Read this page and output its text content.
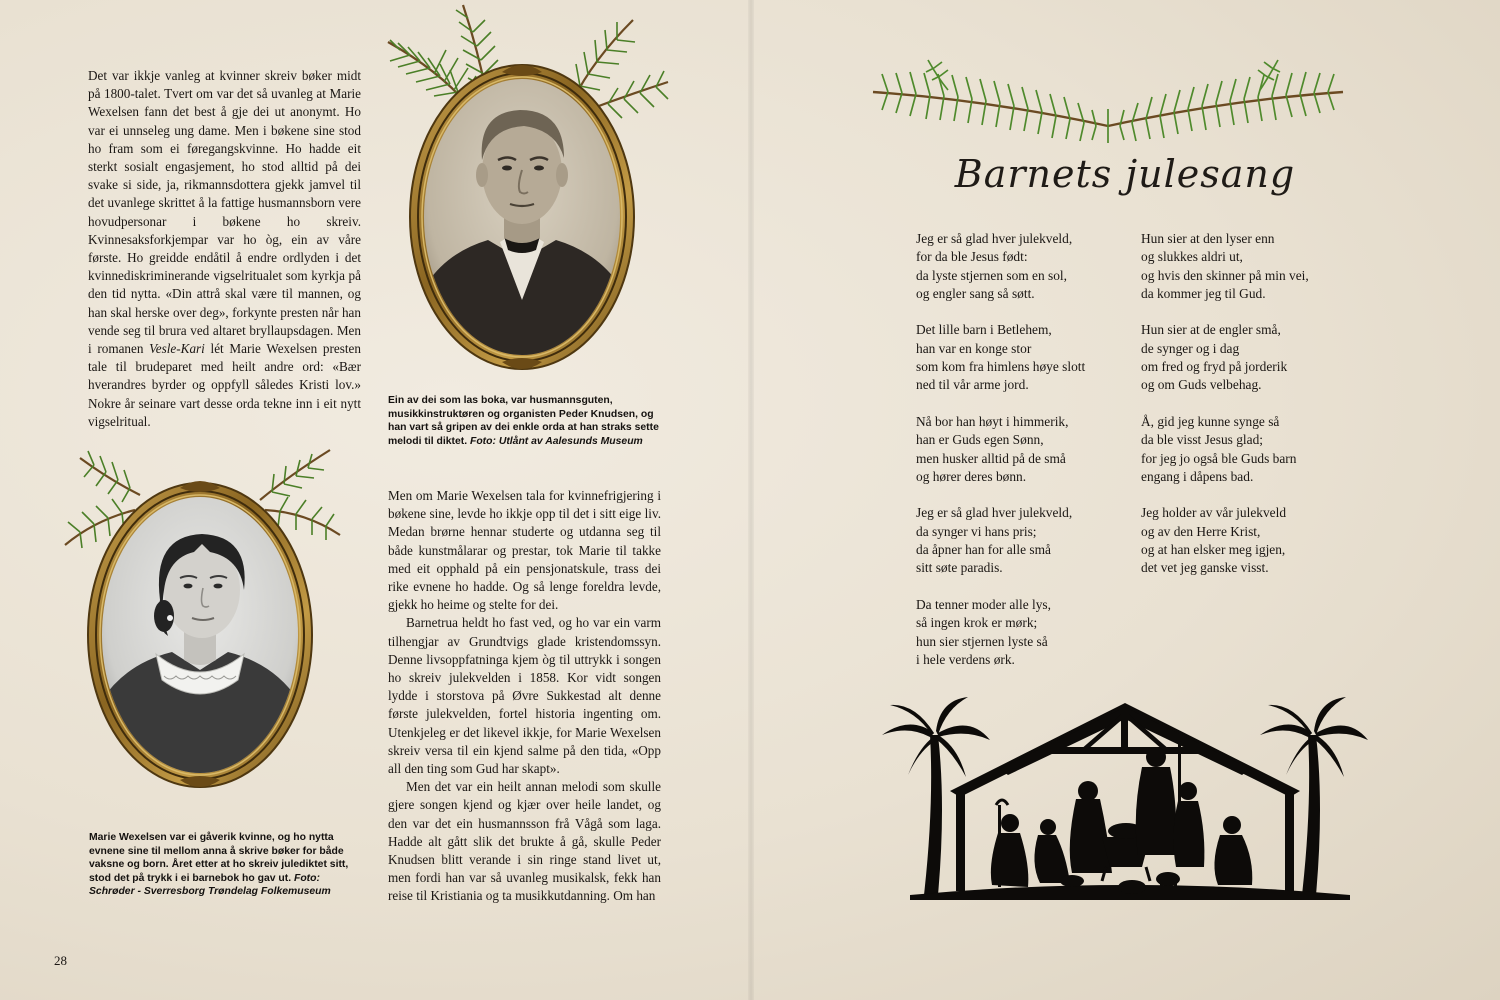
Det var ikkje vanleg at kvinner skreiv bøker midt på 1800-talet. Tvert om var det så uvanleg at Marie Wexelsen fann det best å gje dei ut anonymt. Ho var ei unnseleg ung dame. Men i bøkene sine stod ho fram som ei føregangskvinne. Ho hadde eit sterkt sosialt engasjement, ho stod alltid på dei svake si side, ja, rikmannsdottera gjekk jamvel til det uvanlege skrittet å la fattige husmannsborn vere hovudpersonar i bøkene ho skreiv. Kvinnesaksforkjempar var ho òg, ein av våre første. Ho greidde endåtil å endre ordlyden i det kvinnediskriminerande vigselritualet som kyrkja på den tid nytta. «Din attrå skal være til mannen, og han skal herske over deg», forkynte presten når han vende seg til brura ved altaret bryllaupsdagen. Men i romanen Vesle-Kari lét Marie Wexelsen presten tale til brudeparet med heilt andre ord: «Bær hverandres byrder og oppfyll således Kristi lov.» Nokre år seinare vart desse orda tekne inn i eit nytt vigselritual.

Ein av dei som las boka, var husmannsguten, musikkinstruktøren og organisten Peder Knudsen, og han vart så gripen av dei enkle orda at han straks sette melodi til diktet. Foto: Utlånt av Aalesunds Museum
Marie Wexelsen var ei gåverik kvinne, og ho nytta evnene sine til mellom anna å skrive bøker for både vaksne og born. Året etter at ho skreiv julediktet sitt, stod det på trykk i ei barnebok ho gav ut. Foto: Schrøder - Sverresborg Trøndelag Folkemuseum

Men om Marie Wexelsen tala for kvinnefrigjering i bøkene sine, levde ho ikkje opp til det i sitt eige liv. Medan brørne hennar studerte og utdanna seg til både kunstmålarar og prestar, tok Marie til takke med eit opphald på ein pensjonatskule, trass dei rike evnene ho hadde. Og så lenge foreldra levde, gjekk ho heime og stelte for dei.

Barnetrua heldt ho fast ved, og ho var ein varm tilhengjar av Grundtvigs glade kristendomssyn. Denne livsoppfatninga kjem òg til uttrykk i songen ho skreiv julekvelden i 1858. Kor vidt songen lydde i storstova på Øvre Sukkestad alt denne første julekvelden, fortel historia ingenting om. Utenkjeleg er det likevel ikkje, for Marie Wexelsen skreiv versa til ein kjend salme på den tida, «Opp all den ting som Gud har skapt».

Men det var ein heilt annan melodi som skulle gjere songen kjend og kjær over heile landet, og den var det ein husmannsson frå Vågå som laga. Hadde alt gått slik det brukte å gå, skulle Peder Knudsen blitt verande i sin ringe stand livet ut, men fordi han var så uvanleg musikalsk, fekk han reise til Kristiania og ta musikkutdanning. Om han

28
Barnets julesang
Jeg er så glad hver julekveld,
for da ble Jesus født:
da lyste stjernen som en sol,
og engler sang så søtt.
Det lille barn i Betlehem,
han var en konge stor
som kom fra himlens høye slott
ned til vår arme jord.
Nå bor han høyt i himmerik,
han er Guds egen Sønn,
men husker alltid på de små
og hører deres bønn.
Jeg er så glad hver julekveld,
da synger vi hans pris;
da åpner han for alle små
sitt søte paradis.
Da tenner moder alle lys,
så ingen krok er mørk;
hun sier stjernen lyste så
i hele verdens ørk.
Hun sier at den lyser enn
og slukkes aldri ut,
og hvis den skinner på min vei,
da kommer jeg til Gud.
Hun sier at de engler små,
de synger og i dag
om fred og fryd på jorderik
og om Guds velbehag.
Å, gid jeg kunne synge så
da ble visst Jesus glad;
for jeg jo også ble Guds barn
engang i dåpens bad.
Jeg holder av vår julekveld
og av den Herre Krist,
og at han elsker meg igjen,
det vet jeg ganske visst.
